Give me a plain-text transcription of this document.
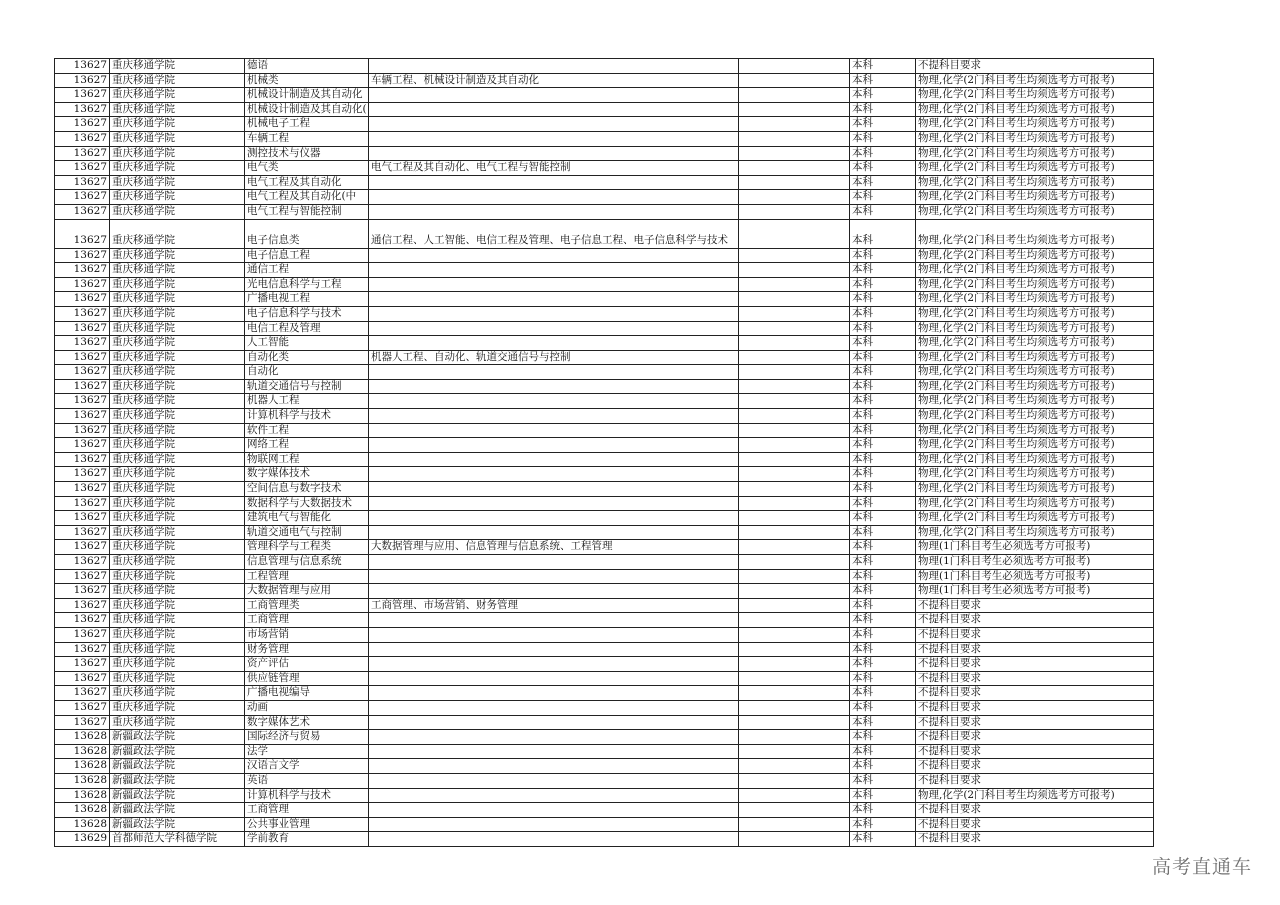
13627	重庆移通学院	德语			本科	不提科目要求
13627	重庆移通学院	机械类	车辆工程、机械设计制造及其自动化		本科	物理,化学(2门科目考生均须选考方可报考)
13627	重庆移通学院	机械设计制造及其自动化			本科	物理,化学(2门科目考生均须选考方可报考)
13627	重庆移通学院	机械设计制造及其自动化(			本科	物理,化学(2门科目考生均须选考方可报考)
13627	重庆移通学院	机械电子工程			本科	物理,化学(2门科目考生均须选考方可报考)
13627	重庆移通学院	车辆工程			本科	物理,化学(2门科目考生均须选考方可报考)
13627	重庆移通学院	测控技术与仪器			本科	物理,化学(2门科目考生均须选考方可报考)
13627	重庆移通学院	电气类	电气工程及其自动化、电气工程与智能控制		本科	物理,化学(2门科目考生均须选考方可报考)
13627	重庆移通学院	电气工程及其自动化			本科	物理,化学(2门科目考生均须选考方可报考)
13627	重庆移通学院	电气工程及其自动化(中			本科	物理,化学(2门科目考生均须选考方可报考)
13627	重庆移通学院	电气工程与智能控制			本科	物理,化学(2门科目考生均须选考方可报考)
13627	重庆移通学院	电子信息类	通信工程、人工智能、电信工程及管理、电子信息工程、电子信息科学与技术		本科	物理,化学(2门科目考生均须选考方可报考)
13627	重庆移通学院	电子信息工程			本科	物理,化学(2门科目考生均须选考方可报考)
13627	重庆移通学院	通信工程			本科	物理,化学(2门科目考生均须选考方可报考)
13627	重庆移通学院	光电信息科学与工程			本科	物理,化学(2门科目考生均须选考方可报考)
13627	重庆移通学院	广播电视工程			本科	物理,化学(2门科目考生均须选考方可报考)
13627	重庆移通学院	电子信息科学与技术			本科	物理,化学(2门科目考生均须选考方可报考)
13627	重庆移通学院	电信工程及管理			本科	物理,化学(2门科目考生均须选考方可报考)
13627	重庆移通学院	人工智能			本科	物理,化学(2门科目考生均须选考方可报考)
13627	重庆移通学院	自动化类	机器人工程、自动化、轨道交通信号与控制		本科	物理,化学(2门科目考生均须选考方可报考)
13627	重庆移通学院	自动化			本科	物理,化学(2门科目考生均须选考方可报考)
13627	重庆移通学院	轨道交通信号与控制			本科	物理,化学(2门科目考生均须选考方可报考)
13627	重庆移通学院	机器人工程			本科	物理,化学(2门科目考生均须选考方可报考)
13627	重庆移通学院	计算机科学与技术			本科	物理,化学(2门科目考生均须选考方可报考)
13627	重庆移通学院	软件工程			本科	物理,化学(2门科目考生均须选考方可报考)
13627	重庆移通学院	网络工程			本科	物理,化学(2门科目考生均须选考方可报考)
13627	重庆移通学院	物联网工程			本科	物理,化学(2门科目考生均须选考方可报考)
13627	重庆移通学院	数字媒体技术			本科	物理,化学(2门科目考生均须选考方可报考)
13627	重庆移通学院	空间信息与数字技术			本科	物理,化学(2门科目考生均须选考方可报考)
13627	重庆移通学院	数据科学与大数据技术			本科	物理,化学(2门科目考生均须选考方可报考)
13627	重庆移通学院	建筑电气与智能化			本科	物理,化学(2门科目考生均须选考方可报考)
13627	重庆移通学院	轨道交通电气与控制			本科	物理,化学(2门科目考生均须选考方可报考)
13627	重庆移通学院	管理科学与工程类	大数据管理与应用、信息管理与信息系统、工程管理		本科	物理(1门科目考生必须选考方可报考)
13627	重庆移通学院	信息管理与信息系统			本科	物理(1门科目考生必须选考方可报考)
13627	重庆移通学院	工程管理			本科	物理(1门科目考生必须选考方可报考)
13627	重庆移通学院	大数据管理与应用			本科	物理(1门科目考生必须选考方可报考)
13627	重庆移通学院	工商管理类	工商管理、市场营销、财务管理		本科	不提科目要求
13627	重庆移通学院	工商管理			本科	不提科目要求
13627	重庆移通学院	市场营销			本科	不提科目要求
13627	重庆移通学院	财务管理			本科	不提科目要求
13627	重庆移通学院	资产评估			本科	不提科目要求
13627	重庆移通学院	供应链管理			本科	不提科目要求
13627	重庆移通学院	广播电视编导			本科	不提科目要求
13627	重庆移通学院	动画			本科	不提科目要求
13627	重庆移通学院	数字媒体艺术			本科	不提科目要求
13628	新疆政法学院	国际经济与贸易			本科	不提科目要求
13628	新疆政法学院	法学			本科	不提科目要求
13628	新疆政法学院	汉语言文学			本科	不提科目要求
13628	新疆政法学院	英语			本科	不提科目要求
13628	新疆政法学院	计算机科学与技术			本科	物理,化学(2门科目考生均须选考方可报考)
13628	新疆政法学院	工商管理			本科	不提科目要求
13628	新疆政法学院	公共事业管理			本科	不提科目要求
13629	首都师范大学科德学院	学前教育			本科	不提科目要求
高考直通车
